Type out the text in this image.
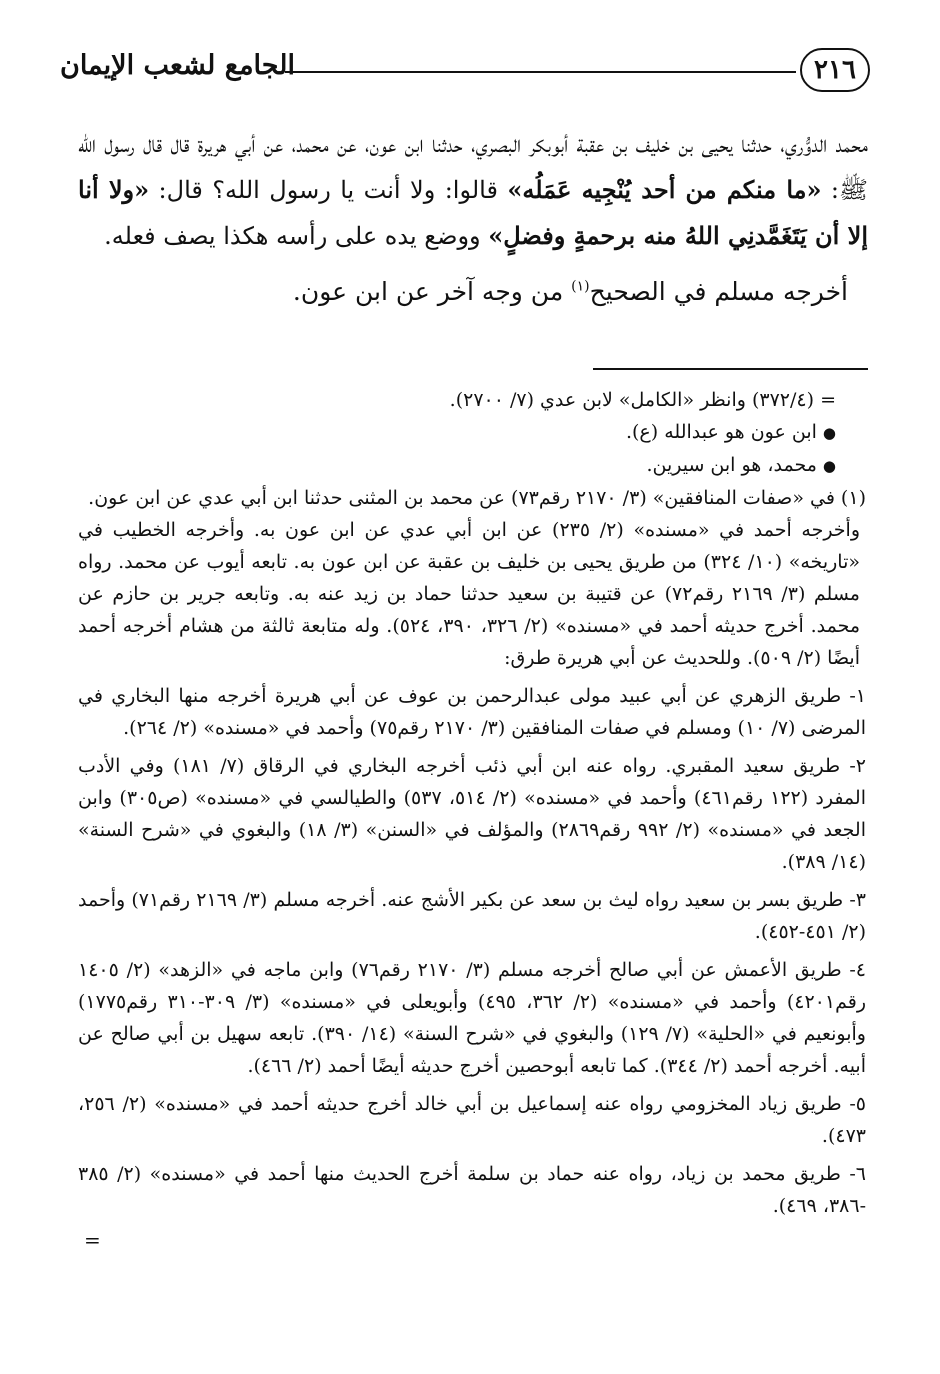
٢١٦
الجامع لشعب الإيمان

محمد الدوُّري، حدثنا يحيى بن خليف بن عقبة أبوبكر البصري، حدثنا ابن عون، عن محمد، عن أبي هريرة قال قال رسول الله ﷺ: «ما منكم من أحد يُنْجِيه عَمَلُه» قالوا: ولا أنت يا رسول الله؟ قال: «ولا أنا إلا أن يَتَغَمَّدنِي اللهُ منه برحمةٍ وفضلٍ» ووضع يده على رأسه هكذا يصف فعله.

أخرجه مسلم في الصحيح$^{(١)}$ من وجه آخر عن ابن عون.

= (٣٧٢/٤) وانظر «الكامل» لابن عدي (٧/ ٢٧٠٠).

●ابن عون هو عبدالله (ع).

●محمد، هو ابن سيرين.

(١) في «صفات المنافقين» (٣/ ٢١٧٠ رقم٧٣) عن محمد بن المثنى حدثنا ابن أبي عدي عن ابن عون.

وأخرجه أحمد في «مسنده» (٢/ ٢٣٥) عن ابن أبي عدي عن ابن عون به. وأخرجه الخطيب في «تاريخه» (١٠/ ٣٢٤) من طريق يحيى بن خليف بن عقبة عن ابن عون به. تابعه أيوب عن محمد. رواه مسلم (٣/ ٢١٦٩ رقم٧٢) عن قتيبة بن سعيد حدثنا حماد بن زيد عنه به. وتابعه جرير بن حازم عن محمد. أخرج حديثه أحمد في «مسنده» (٢/ ٣٢٦، ٣٩٠، ٥٢٤). وله متابعة ثالثة من هشام أخرجه أحمد أيضًا (٢/ ٥٠٩). وللحديث عن أبي هريرة طرق:

١- طريق الزهري عن أبي عبيد مولى عبدالرحمن بن عوف عن أبي هريرة أخرجه منها البخاري في المرضى (٧/ ١٠) ومسلم في صفات المنافقين (٣/ ٢١٧٠ رقم٧٥) وأحمد في «مسنده» (٢/ ٢٦٤).

٢- طريق سعيد المقبري. رواه عنه ابن أبي ذئب أخرجه البخاري في الرقاق (٧/ ١٨١) وفي الأدب المفرد (١٢٢ رقم٤٦١) وأحمد في «مسنده» (٢/ ٥١٤، ٥٣٧) والطيالسي في «مسنده» (ص٣٠٥) وابن الجعد في «مسنده» (٢/ ٩٩٢ رقم٢٨٦٩) والمؤلف في «السنن» (٣/ ١٨) والبغوي في «شرح السنة» (١٤/ ٣٨٩).

٣- طريق بسر بن سعيد رواه ليث بن سعد عن بكير الأشج عنه. أخرجه مسلم (٣/ ٢١٦٩ رقم٧١) وأحمد (٢/ ٤٥١-٤٥٢).

٤- طريق الأعمش عن أبي صالح أخرجه مسلم (٣/ ٢١٧٠ رقم٧٦) وابن ماجه في «الزهد» (٢/ ١٤٠٥ رقم٤٢٠١) وأحمد في «مسنده» (٢/ ٣٦٢، ٤٩٥) وأبويعلى في «مسنده» (٣/ ٣٠٩-٣١٠ رقم١٧٧٥) وأبونعيم في «الحلية» (٧/ ١٢٩) والبغوي في «شرح السنة» (١٤/ ٣٩٠). تابعه سهيل بن أبي صالح عن أبيه. أخرجه أحمد (٢/ ٣٤٤). كما تابعه أبوحصين أخرج حديثه أيضًا أحمد (٢/ ٤٦٦).

٥- طريق زياد المخزومي رواه عنه إسماعيل بن أبي خالد أخرج حديثه أحمد في «مسنده» (٢/ ٢٥٦، ٤٧٣).

٦- طريق محمد بن زياد، رواه عنه حماد بن سلمة أخرج الحديث منها أحمد في «مسنده» (٢/ ٣٨٥ -٣٨٦، ٤٦٩).
=
